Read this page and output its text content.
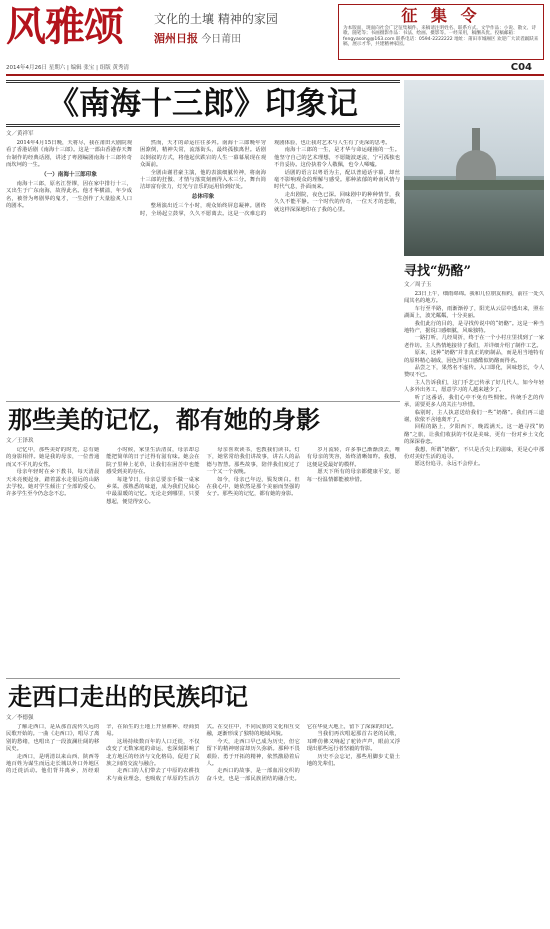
风雅颂	文化的土壤 精神的家园
湄州日报 今日莆田
征 集 令
为本版面，现面向社会广泛征集稿件。来稿请注明姓名、联系方式。文学作品：小说、散文、诗歌、随笔等；书画摄影作品：书法、绘画、摄影等。一经采用，稿酬从优。投稿邮箱：fengyasong@163.com 联系电话：0594-2222222 地址：莆田市城厢区 欢迎广大读者踊跃来稿，展示才华，共建精神家园。
2014年4月26日 星期六 | 编辑 张宝 | 组版 黄秀清	C04
《南海十三郎》印象记
文／黄祥军

2014年4月15日晚，天将尽，我在莆田大剧院观看了香港话剧《南海十三郎》。这是一部由香港春天舞台制作的经典话剧，讲述了粤剧编剧南海十三郎传奇而坎坷的一生。

（一）南海十三郎印象

南海十三郎，原名江誉镠，因在家中排行十三，又出生于广东南海，故得此名。他才华横溢，年少成名，被誉为粤剧界的鬼才，一生创作了大量脍炙人口的剧本。

然而，天才的命运往往多舛。南海十三郎晚年穷困潦倒，精神失常，流落街头，最终孤独离世。话剧以倒叙的方式，将他起伏跌宕的人生一幕幕展现在观众面前。

全剧由谢君豪主演，他的表演细腻传神，将南海十三郎的狂傲、才情与落寞刻画得入木三分。舞台简洁却富有张力，灯光与音乐的运用恰到好处。

总体印象

整场演出近三个小时，观众始终屏息凝神。剧终时，全场起立鼓掌，久久不愿离去。这是一次难忘的观剧体验，也让我对艺术与人生有了更深的思考。

南海十三郎的一生，是才华与命运碰撞的一生。他坚守自己的艺术理想，不愿随波逐流，宁可孤独也不肯妥协。这份执着令人敬佩，也令人唏嘘。

话剧的语言以粤语为主，配以普通话字幕，却丝毫不影响观众的理解与感受。那种浓郁的岭南风情与时代气息，扑面而来。

走出剧院，夜色已深。回味剧中的种种情节，我久久不能平静。一个时代的传奇，一位天才的悲歌，就这样深深地印在了我的心里。

那些美的记忆，都有她的身影
文／王泽玖

记忆中，那些美好的时光，总有她的身影相伴。她是我的母亲，一位普通而又不平凡的女性。

母亲年轻时在乡下教书，每天清晨天未亮便起身，踏着露水走很远的山路去学校。她对学生倾注了全部的爱心，许多学生至今仍念念不忘。

小时候，家里生活清贫，母亲却总能把简单的日子过得有滋有味。她会在院子里种上花草，让我们在困苦中也能感受到美的存在。

每逢节日，母亲总要亲手做一桌家乡菜。那熟悉的味道，成为我们兄妹心中最温暖的记忆。无论走到哪里，只要想起，便觉得安心。

母亲喜欢读书，也教我们读书。灯下，她常常给我们讲故事，讲古人的品德与智慧。那些故事，陪伴我们度过了一个又一个夜晚。

如今，母亲已年迈，鬓发斑白。但在我心中，她依然是那个美丽而坚强的女子。那些美的记忆，都有她的身影。

岁月流转，许多事已渐渐淡去，唯有母亲的笑容，始终清晰如昨。我想，这便是爱最好的模样。

愿天下所有的母亲都健康平安，愿每一份温情都能被珍惜。

走西口走出的民族印记
文／李德强

了解走西口，是从那首流传久远的民歌开始的。一曲《走西口》，唱尽了离别的愁绪，也唱出了一段波澜壮阔的移民史。

走西口，是明清以来山西、陕西等地百姓为谋生而远走长城以外口外地区的迁徙活动。他们背井离乡，历经艰辛，在陌生的土地上开垦耕种、经商贸易。

这场持续数百年的人口迁徙，不仅改变了无数家庭的命运，也深刻影响了北方地区的经济与文化格局，促进了民族之间的交流与融合。

走西口的人们带去了中原的农耕技术与商业理念，也吸收了草原的生活方式。在交往中，不同民族的文化相互交融，逐渐形成了独特的地域风貌。

今天，走西口早已成为历史，但它留下的精神财富却历久弥新。那种不畏艰险、勇于开拓的精神，依然激励着后人。

走西口的故事，是一部血泪交织的奋斗史，也是一部民族团结的融合史。它在华夏大地上，留下了深深的印记。

当我们再次唱起那首古老的民歌，耳畔仿佛又响起了驼铃声声，眼前又浮现出那些远行者坚毅的背影。

历史不会忘记，那些用脚步丈量土地的先辈们。

寻找“奶酪”
文／周子玉

23日上午，细雨绵绵。我和几位朋友相约，前往一处久闻其名的地方。

车行至半路，雨渐渐停了，阳光从云层中透出来，照在湖面上，波光粼粼，十分美丽。

我们此行的目的，是寻找传说中的“奶酪”。这是一种当地特产，据说口感细腻，风味独特。

一路打听，几经周折，终于在一个小村庄里找到了一家老作坊。主人热情地接待了我们，并详细介绍了制作工艺。

原来，这种“奶酪”并非真正的奶制品，而是用当地特有的原料精心制成，因色泽与口感酷似奶酪而得名。

品尝之下，果然名不虚传。入口即化，回味悠长，令人赞叹不已。

主人告诉我们，这门手艺已传承了好几代人，如今年轻人多外出务工，愿意学习的人越来越少了。

听了这番话，我们心中不免有些惆怅。传统手艺的传承，需要更多人的关注与珍惜。

临别时，主人执意送给我们一些“奶酪”。我们再三道谢，依依不舍地离开了。

回程的路上，夕阳西下，晚霞满天。这一趟寻找“奶酪”之旅，让我们收获的不仅是美味，更有一份对乡土文化的深深眷恋。

我想，所谓“奶酪”，不只是舌尖上的滋味，更是心中那份对美好生活的追寻。

愿这份追寻，永远不会停止。
